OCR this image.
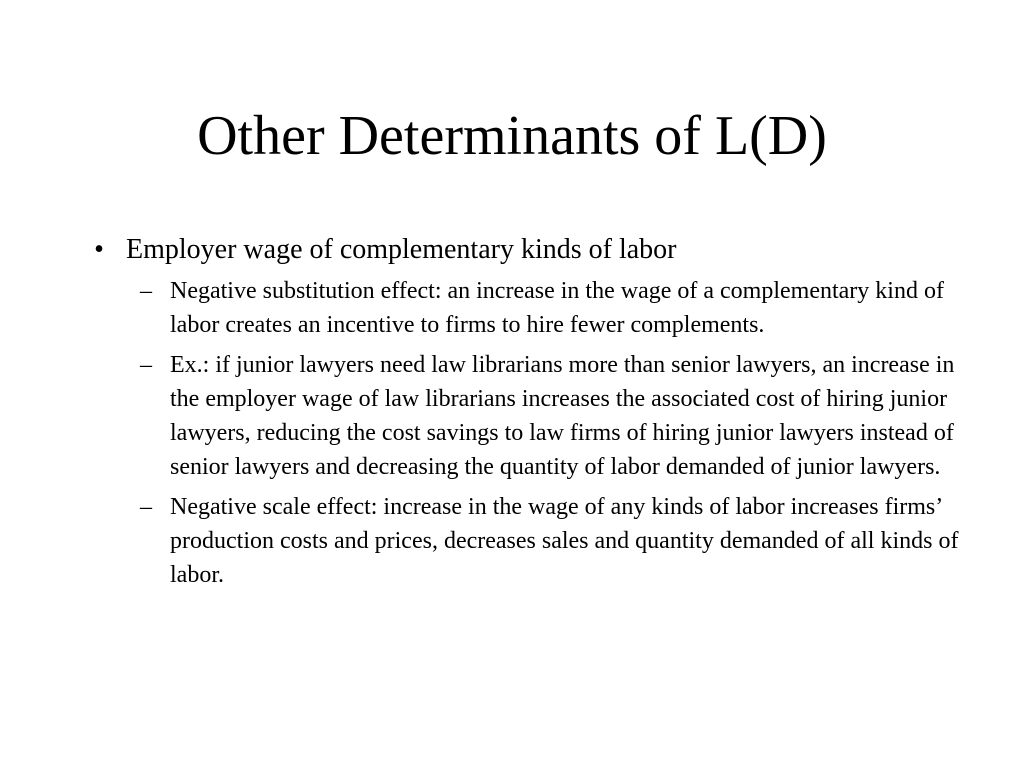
Other Determinants of L(D)
• Employer wage of complementary kinds of labor
– Negative substitution effect: an increase in the wage of a complementary kind of labor creates an incentive to firms to hire fewer complements.
– Ex.: if junior lawyers need law librarians more than senior lawyers, an increase in the employer wage of law librarians increases the associated cost of hiring junior lawyers, reducing the cost savings to law firms of hiring junior lawyers instead of senior lawyers and decreasing the quantity of labor demanded of junior lawyers.
– Negative scale effect: increase in the wage of any kinds of labor increases firms’ production costs and prices, decreases sales and quantity demanded of all kinds of labor.
